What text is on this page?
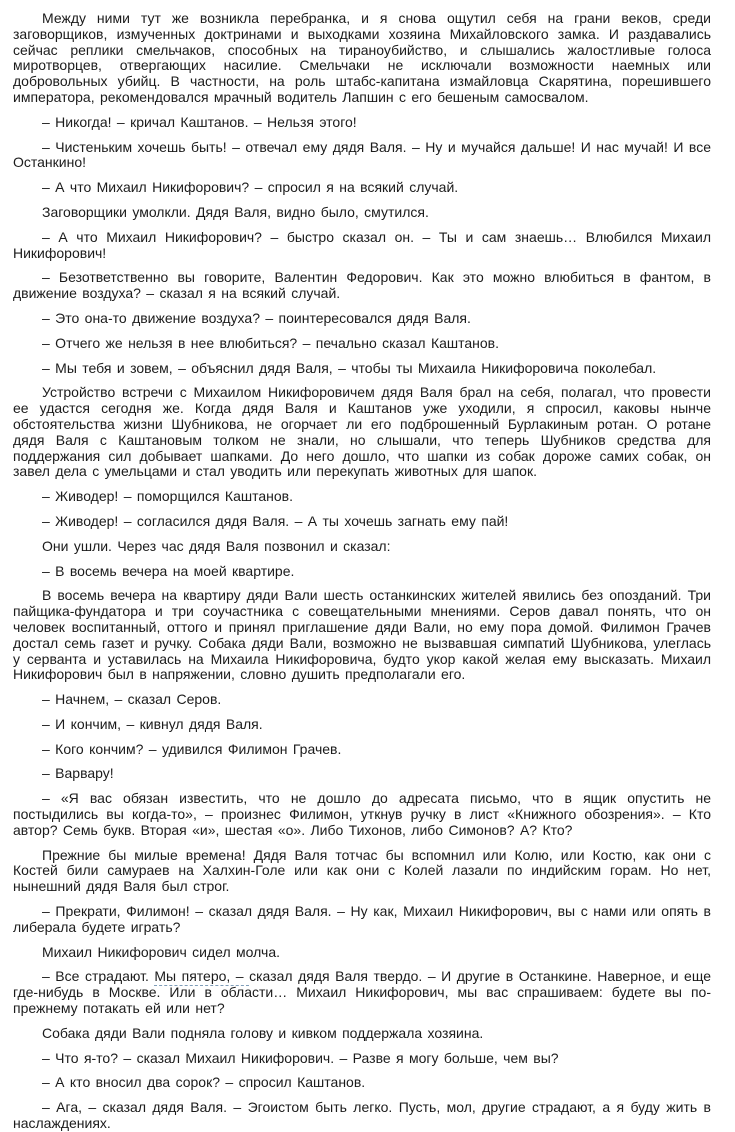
Между ними тут же возникла перебранка, и я снова ощутил себя на грани веков, среди заговорщиков, измученных доктринами и выходками хозяина Михайловского замка. И раздавались сейчас реплики смельчаков, способных на тираноубийство, и слышались жалостливые голоса миротворцев, отвергающих насилие. Смельчаки не исключали возможности наемных или добровольных убийц. В частности, на роль штабс-капитана измайловца Скарятина, порешившего императора, рекомендовался мрачный водитель Лапшин с его бешеным самосвалом.

– Никогда! – кричал Каштанов. – Нельзя этого!

– Чистеньким хочешь быть! – отвечал ему дядя Валя. – Ну и мучайся дальше! И нас мучай! И все Останкино!

– А что Михаил Никифорович? – спросил я на всякий случай.

Заговорщики умолкли. Дядя Валя, видно было, смутился.

– А что Михаил Никифорович? – быстро сказал он. – Ты и сам знаешь… Влюбился Михаил Никифорович!

– Безответственно вы говорите, Валентин Федорович. Как это можно влюбиться в фантом, в движение воздуха? – сказал я на всякий случай.

– Это она-то движение воздуха? – поинтересовался дядя Валя.

– Отчего же нельзя в нее влюбиться? – печально сказал Каштанов.

– Мы тебя и зовем, – объяснил дядя Валя, – чтобы ты Михаила Никифоровича поколебал.

Устройство встречи с Михаилом Никифоровичем дядя Валя брал на себя, полагал, что провести ее удастся сегодня же. Когда дядя Валя и Каштанов уже уходили, я спросил, каковы нынче обстоятельства жизни Шубникова, не огорчает ли его подброшенный Бурлакиным ротан. О ротане дядя Валя с Каштановым толком не знали, но слышали, что теперь Шубников средства для поддержания сил добывает шапками. До него дошло, что шапки из собак дороже самих собак, он завел дела с умельцами и стал уводить или перекупать животных для шапок.

– Живодер! – поморщился Каштанов.

– Живодер! – согласился дядя Валя. – А ты хочешь загнать ему пай!

Они ушли. Через час дядя Валя позвонил и сказал:

– В восемь вечера на моей квартире.

В восемь вечера на квартиру дяди Вали шесть останкинских жителей явились без опозданий. Три пайщика-фундатора и три соучастника с совещательными мнениями. Серов давал понять, что он человек воспитанный, оттого и принял приглашение дяди Вали, но ему пора домой. Филимон Грачев достал семь газет и ручку. Собака дяди Вали, возможно не вызвавшая симпатий Шубникова, улеглась у серванта и уставилась на Михаила Никифоровича, будто укор какой желая ему высказать. Михаил Никифорович был в напряжении, словно душить предполагали его.

– Начнем, – сказал Серов.

– И кончим, – кивнул дядя Валя.

– Кого кончим? – удивился Филимон Грачев.

– Варвару!

– «Я вас обязан известить, что не дошло до адресата письмо, что в ящик опустить не постыдились вы когда-то», – произнес Филимон, уткнув ручку в лист «Книжного обозрения». – Кто автор? Семь букв. Вторая «и», шестая «о». Либо Тихонов, либо Симонов? А? Кто?

Прежние бы милые времена! Дядя Валя тотчас бы вспомнил или Колю, или Костю, как они с Костей били самураев на Халхин-Голе или как они с Колей лазали по индийским горам. Но нет, нынешний дядя Валя был строг.

– Прекрати, Филимон! – сказал дядя Валя. – Ну как, Михаил Никифорович, вы с нами или опять в либерала будете играть?

Михаил Никифорович сидел молча.

– Все страдают. Мы пятеро, – сказал дядя Валя твердо. – И другие в Останкине. Наверное, и еще где-нибудь в Москве. Или в области… Михаил Никифорович, мы вас спрашиваем: будете вы по-прежнему потакать ей или нет?

Собака дяди Вали подняла голову и кивком поддержала хозяина.

– Что я-то? – сказал Михаил Никифорович. – Разве я могу больше, чем вы?

– А кто вносил два сорок? – спросил Каштанов.

– Ага, – сказал дядя Валя. – Эгоистом быть легко. Пусть, мол, другие страдают, а я буду жить в наслаждениях.
